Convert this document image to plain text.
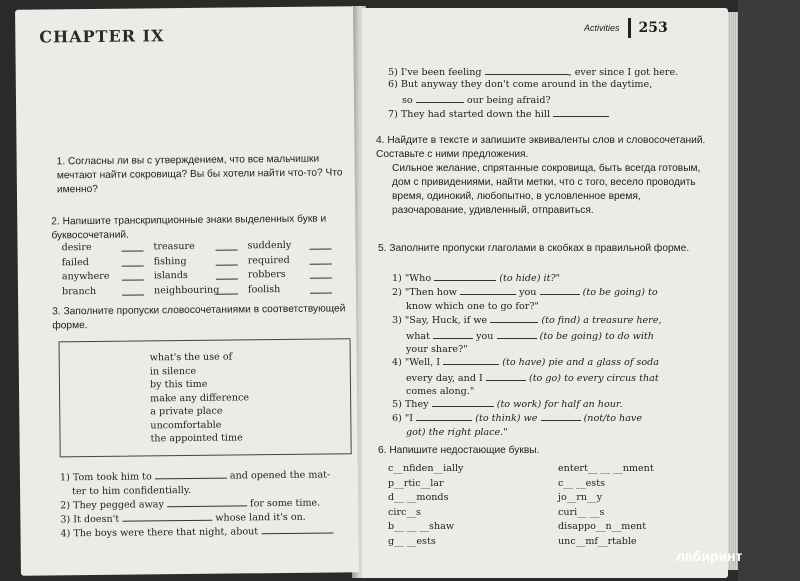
CHAPTER IX
1. Согласны ли вы с утверждением, что все мальчишки мечтают найти сокровища? Вы бы хотели найти что-то? Что именно?
2. Напишите транскрипционные знаки выделенных букв и буквосочетаний.
desire	treasure	suddenly
failed	fishing	required
anywhere	islands	robbers
branch	neighbouring	foolish
3. Заполните пропуски словосочетаниями в соответствующей форме.
what's the use of
in silence
by this time
make any difference
a private place
uncomfortable
the appointed time
1) Tom took him to	and opened the mat-
ter to him confidentially.
2) They pegged away	for some time.
3) It doesn't	whose land it's on.
4) The boys were there that night, about
Activities 253
5) I've been feeling	, ever since I got here.
6) But anyway they don't come around in the daytime,
so	our being afraid?
7) They had started down the hill
4. Найдите в тексте и запишите эквиваленты слов и словосочетаний. Составьте с ними предложения.
Сильное желание, спрятанные сокровища, быть всегда готовым, дом с привидениями, найти метки, что с того, весело проводить время, одинокий, любопытно, в условленное время, разочарование, удивленный, отправиться.
5. Заполните пропуски глаголами в скобках в правильной форме.
1) "Who	(to hide) it?"
2) "Then how	you	(to be going) to
know which one to go for?"
3) "Say, Huck, if we	(to find) a treasure here,
what	you	(to be going) to do with
your share?"
4) "Well, I	(to have) pie and a glass of soda
every day, and I	(to go) to every circus that
comes along."
5) They	(to work) for half an hour.
6) "I	(to think) we	(not/to have
got) the right place."
6. Напишите недостающие буквы.
c__nfiden__ially	entert__ __ __nment
p__rtic__lar	c__ __ests
d__ __monds	jo__rn__y
circ__s	curi__ __s
b__ __ __shaw	disappo__n__ment
g__ __ests	unc__mf__rtable
лабиринт
